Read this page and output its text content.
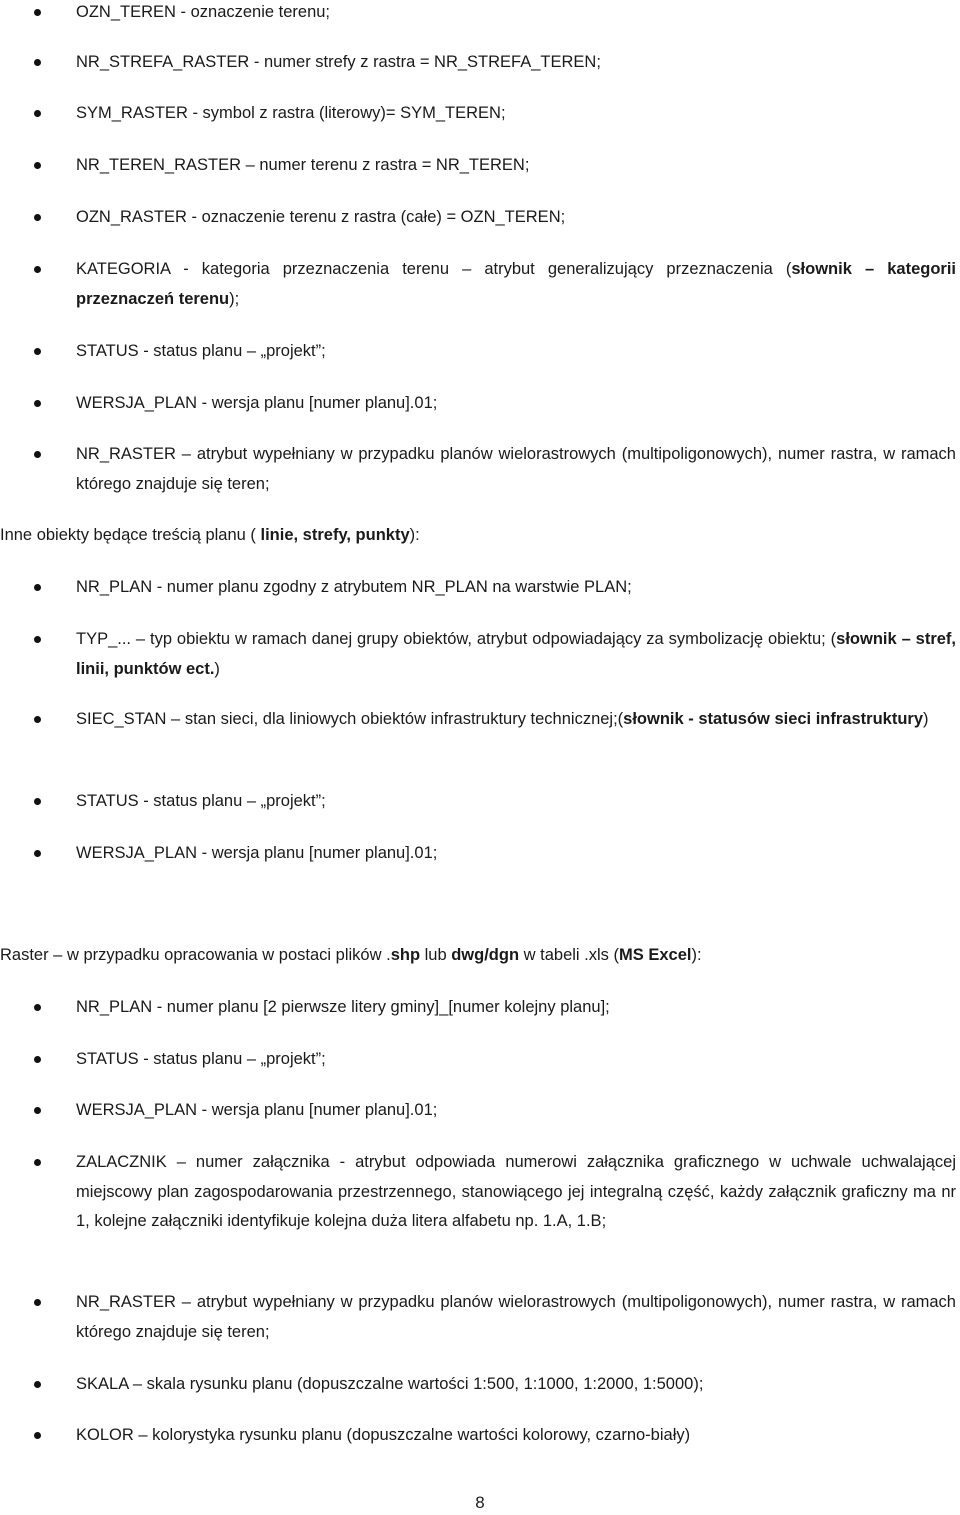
OZN_TEREN - oznaczenie terenu;

NR_STREFA_RASTER - numer strefy z rastra = NR_STREFA_TEREN;

SYM_RASTER - symbol z rastra (literowy)= SYM_TEREN;

NR_TEREN_RASTER – numer terenu z rastra = NR_TEREN;

OZN_RASTER - oznaczenie terenu z rastra (całe) = OZN_TEREN;

KATEGORIA - kategoria przeznaczenia terenu – atrybut generalizujący przeznaczenia (słownik – kategorii przeznaczeń terenu);

STATUS - status planu – „projekt”;

WERSJA_PLAN - wersja planu [numer planu].01;

NR_RASTER – atrybut wypełniany w przypadku planów wielorastrowych (multipoligonowych), numer rastra, w ramach którego znajduje się teren;

Inne obiekty będące treścią planu ( linie, strefy, punkty):

NR_PLAN - numer planu zgodny z atrybutem NR_PLAN na warstwie PLAN;

TYP_... – typ obiektu w ramach danej grupy obiektów, atrybut odpowiadający za symbolizację obiektu; (słownik – stref, linii, punktów ect.)

SIEC_STAN – stan sieci, dla liniowych obiektów infrastruktury technicznej;(słownik - statusów sieci infrastruktury)

STATUS - status planu – „projekt”;

WERSJA_PLAN - wersja planu [numer planu].01;

Raster – w przypadku opracowania w postaci plików .shp lub dwg/dgn w tabeli .xls (MS Excel):

NR_PLAN - numer planu [2 pierwsze litery gminy]_[numer kolejny planu];

STATUS - status planu – „projekt”;

WERSJA_PLAN - wersja planu [numer planu].01;

ZALACZNIK – numer załącznika - atrybut odpowiada numerowi załącznika graficznego w uchwale uchwalającej miejscowy plan zagospodarowania przestrzennego, stanowiącego jej integralną część, każdy załącznik graficzny ma nr 1, kolejne załączniki identyfikuje kolejna duża litera alfabetu np. 1.A, 1.B;

NR_RASTER – atrybut wypełniany w przypadku planów wielorastrowych (multipoligonowych), numer rastra, w ramach którego znajduje się teren;

SKALA – skala rysunku planu (dopuszczalne wartości 1:500, 1:1000, 1:2000, 1:5000);

KOLOR – kolorystyka rysunku planu (dopuszczalne wartości kolorowy, czarno-biały)

8
